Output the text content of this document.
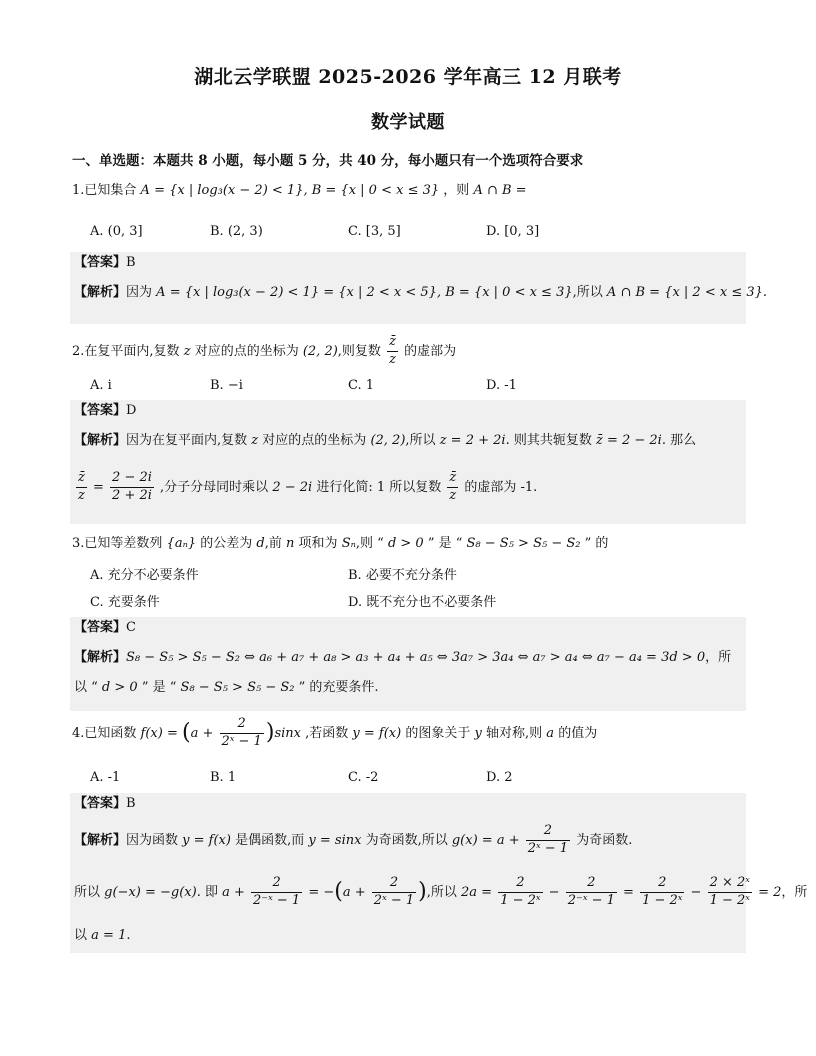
湖北云学联盟 2025-2026 学年高三 12 月联考
数学试题
一、单选题：本题共 8 小题，每小题 5 分，共 40 分，每小题只有一个选项符合要求
1.已知集合 A = {x | log₃(x − 2) < 1}, B = {x | 0 < x ≤ 3} ，则 A ∩ B =
A. (0, 3]	B. (2, 3)	C. [3, 5]	D. [0, 3]
【答案】B
【解析】因为 A = {x | log₃(x − 2) < 1} = {x | 2 < x < 5}, B = {x | 0 < x ≤ 3},所以 A ∩ B = {x | 2 < x ≤ 3}.
2.在复平面内,复数 z 对应的点的坐标为 (2, 2),则复数 $\frac{z̄}{z}$ 的虚部为
A. i	B. −i	C. 1	D. -1
【答案】D
【解析】因为在复平面内,复数 z 对应的点的坐标为 (2, 2),所以 z = 2 + 2i. 则其共轭复数 z̄ = 2 − 2i. 那么
$\frac{z̄}{z} = \frac{2 - 2i}{2 + 2i}$ ,分子分母同时乘以 2 − 2i 进行化简: 1 所以复数 $\frac{z̄}{z}$ 的虚部为 -1.
3.已知等差数列 {aₙ} 的公差为 d,前 n 项和为 Sₙ,则 “ d > 0 ” 是 “ S₈ − S₅ > S₅ − S₂ ” 的
A. 充分不必要条件	B. 必要不充分条件
C. 充要条件	D. 既不充分也不必要条件
【答案】C
【解析】S₈ − S₅ > S₅ − S₂ ⇔ a₆ + a₇ + a₈ > a₃ + a₄ + a₅ ⇔ 3a₇ > 3a₄ ⇔ a₇ > a₄ ⇔ a₇ − a₄ = 3d > 0，所
以 “ d > 0 ” 是 “ S₈ − S₅ > S₅ − S₂ ” 的充要条件.
4.已知函数 $f(x) = (a + \frac{2}{\text{2ˣ − 1}} )\sin x$ ,若函数 y = f(x) 的图象关于 y 轴对称,则 a 的值为
A. -1	B. 1	C. -2	D. 2
【答案】B
【解析】因为函数 y = f(x) 是偶函数,而 y = sinx 为奇函数,所以 $g(x) = a + \frac{2}{\text{2ˣ − 1}}$ 为奇函数.
所以 g(−x) = −g(x). 即 $a + \frac{2}{\text{2⁻ˣ − 1}} = -(a + \frac{2}{\text{2ˣ − 1}}$ ),所以 $2a = \frac{2}{\text{1 − 2ˣ}} - \frac{2}{\text{2⁻ˣ − 1}} = \frac{2}{\text{1 − 2ˣ}} - \frac{\text{2 × 2ˣ}}{\text{1 − 2ˣ}} = 2$，所
以 a = 1.
